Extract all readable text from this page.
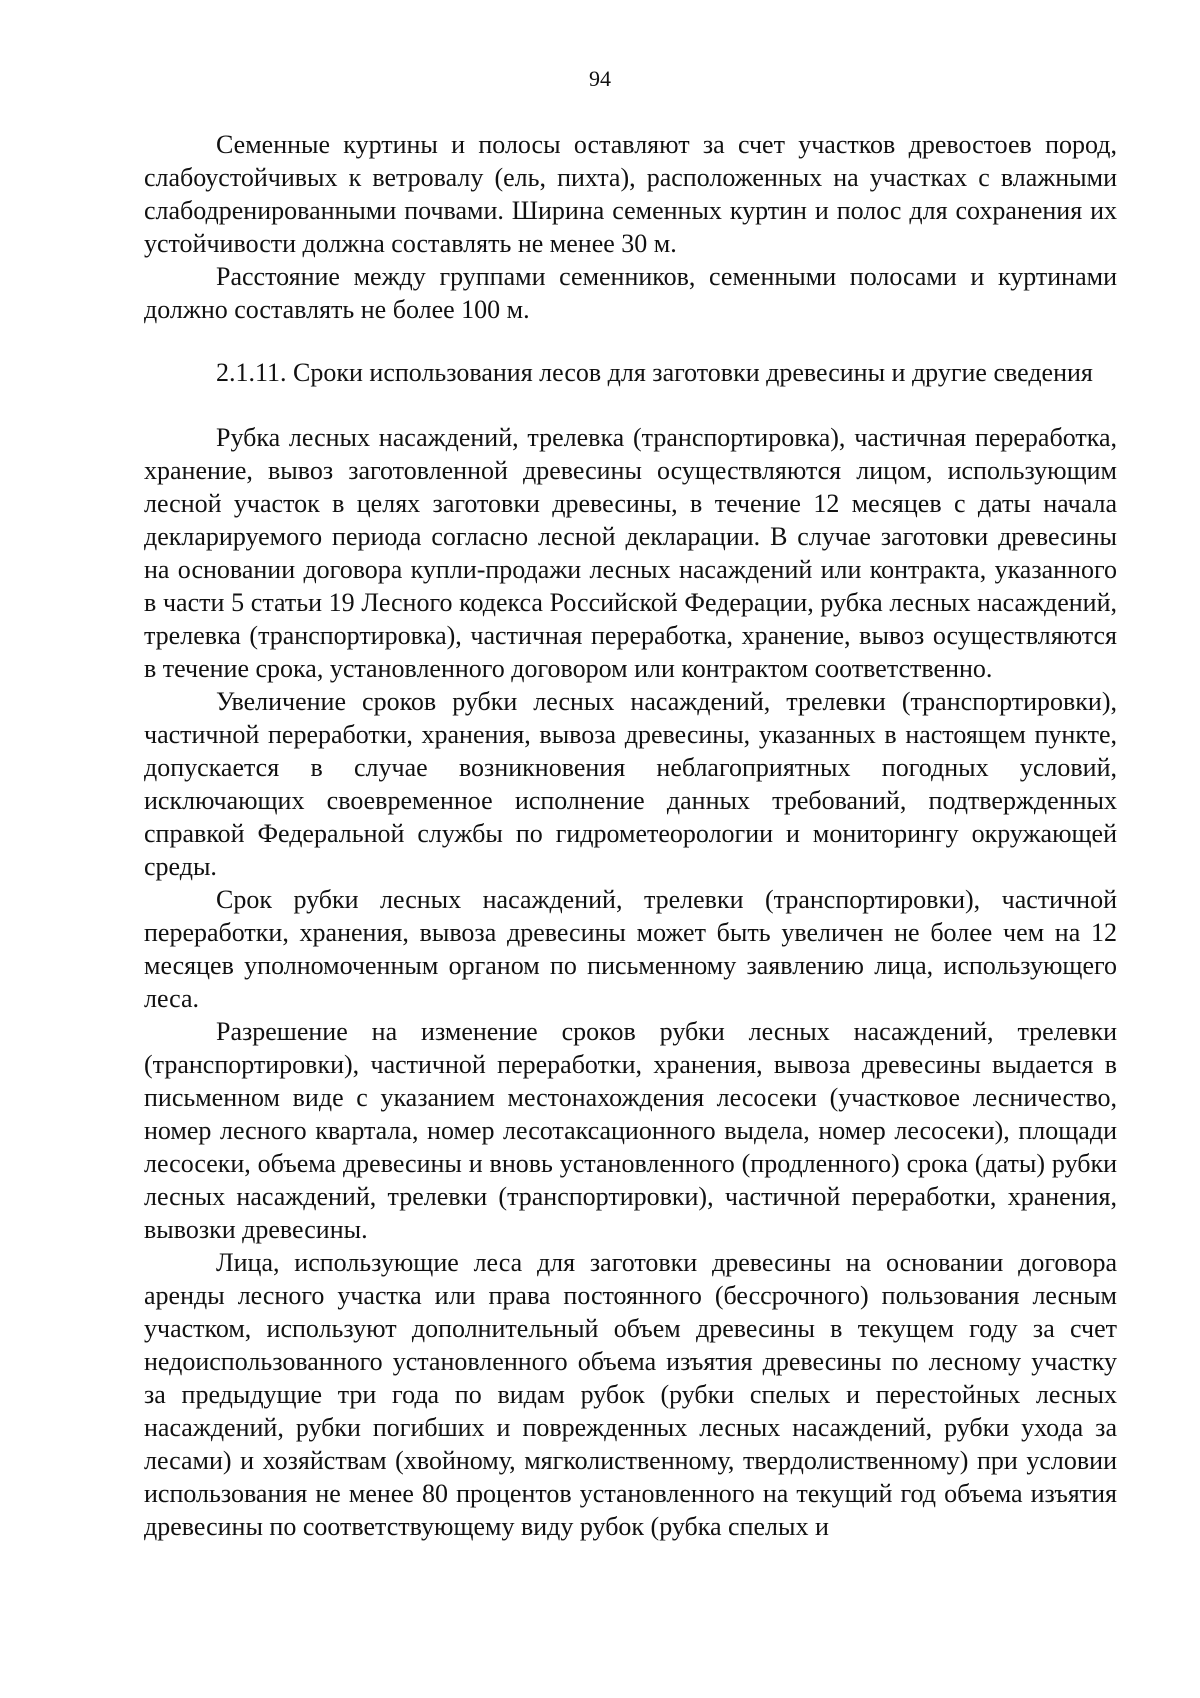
94

Семенные куртины и полосы оставляют за счет участков древостоев пород, слабоустойчивых к ветровалу (ель, пихта), расположенных на участках с влажными слабодренированными почвами. Ширина семенных куртин и полос для сохранения их устойчивости должна составлять не менее 30 м.

Расстояние между группами семенников, семенными полосами и куртинами должно составлять не более 100 м.

2.1.11. Сроки использования лесов для заготовки древесины и другие сведения

Рубка лесных насаждений, трелевка (транспортировка), частичная переработка, хранение, вывоз заготовленной древесины осуществляются лицом, использующим лесной участок в целях заготовки древесины, в течение 12 месяцев с даты начала декларируемого периода согласно лесной декларации. В случае заготовки древесины на основании договора купли-продажи лесных насаждений или контракта, указанного в части 5 статьи 19 Лесного кодекса Российской Федерации, рубка лесных насаждений, трелевка (транспортировка), частичная переработка, хранение, вывоз осуществляются в течение срока, установленного договором или контрактом соответственно.

Увеличение сроков рубки лесных насаждений, трелевки (транспортировки), частичной переработки, хранения, вывоза древесины, указанных в настоящем пункте, допускается в случае возникновения неблагоприятных погодных условий, исключающих своевременное исполнение данных требований, подтвержденных справкой Федеральной службы по гидрометеорологии и мониторингу окружающей среды.

Срок рубки лесных насаждений, трелевки (транспортировки), частичной переработки, хранения, вывоза древесины может быть увеличен не более чем на 12 месяцев уполномоченным органом по письменному заявлению лица, использующего леса.

Разрешение на изменение сроков рубки лесных насаждений, трелевки (транспортировки), частичной переработки, хранения, вывоза древесины выдается в письменном виде с указанием местонахождения лесосеки (участковое лесничество, номер лесного квартала, номер лесотаксационного выдела, номер лесосеки), площади лесосеки, объема древесины и вновь установленного (продленного) срока (даты) рубки лесных насаждений, трелевки (транспортировки), частичной переработки, хранения, вывозки древесины.

Лица, использующие леса для заготовки древесины на основании договора аренды лесного участка или права постоянного (бессрочного) пользования лесным участком, используют дополнительный объем древесины в текущем году за счет недоиспользованного установленного объема изъятия древесины по лесному участку за предыдущие три года по видам рубок (рубки спелых и перестойных лесных насаждений, рубки погибших и поврежденных лесных насаждений, рубки ухода за лесами) и хозяйствам (хвойному, мягколиственному, твердолиственному) при условии использования не менее 80 процентов установленного на текущий год объема изъятия древесины по соответствующему виду рубок (рубка спелых и
